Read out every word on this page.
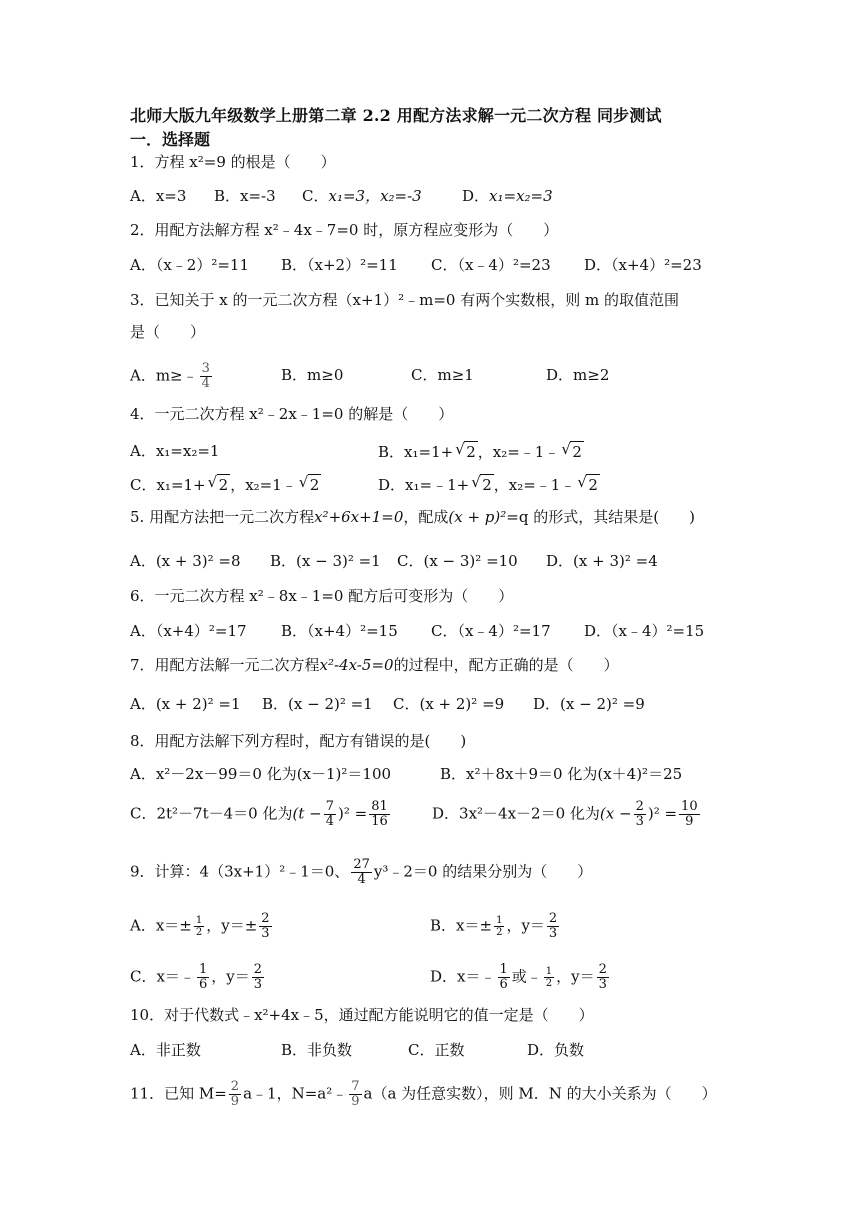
北师大版九年级数学上册第二章 2.2 用配方法求解一元二次方程 同步测试
一．选择题
1．方程 x²=9 的根是（　　）
A．x=3 B．x=-3 C．x₁=3，x₂=-3	D．x₁=x₂=3
2．用配方法解方程 x²﹣4x﹣7=0 时，原方程应变形为（　　）
A．（x﹣2）²=11 B．（x+2）²=11 C．（x﹣4）²=23 D．（x+4）²=23
3．已知关于 x 的一元二次方程（x+1）²﹣m=0 有两个实数根，则 m 的取值范围
是（　　）
A．m≥﹣ $\frac{3}{4}$	B．m≥0	C．m≥1	D．m≥2
4．一元二次方程 x²﹣2x﹣1=0 的解是（　　）
A．x₁=x₂=1	B．x₁=1+ √ 2 ，x₂=﹣1﹣ √ 2
C．x₁=1+ √ 2 ，x₂=1﹣ √ 2	D．x₁=﹣1+ √ 2 ，x₂=﹣1﹣ √ 2
5. 用配方法把一元二次方程x²+6x+1=0，配成(x + p)²=q 的形式，其结果是(　　)
A．(x + 3)² =8 B．(x − 3)² =1 C．(x − 3)² =10 D．(x + 3)² =4
6．一元二次方程 x²﹣8x﹣1=0 配方后可变形为（　　）
A．（x+4）²=17 B．（x+4）²=15 C．（x﹣4）²=17 D．（x﹣4）²=15
7．用配方法解一元二次方程x²-4x-5=0的过程中，配方正确的是（　　）
A．(x + 2)² =1 B．(x − 2)² =1 C．(x + 2)² =9 D．(x − 2)² =9
8．用配方法解下列方程时，配方有错误的是(　　)
A．x²－2x－99＝0 化为(x－1)²＝100	B．x²＋8x＋9＝0 化为(x＋4)²＝25
C．2t²－7t－4＝0 化为$(t - \frac{7}{4} )^2 = \frac{81}{16}$	D．3x²－4x－2＝0 化为$(x - \frac{2}{3} )^2 = \frac{10}{9}$
9．计算：4（3x+1）²﹣1＝0、 $\frac{27}{4}$ y³﹣2＝0 的结果分别为（　　）
A．$x=\pm \frac{1}{2}$ ，$y=\pm \frac{2}{3}$	B．$x=\pm \frac{1}{2}$ ，$y= \frac{2}{3}$
C．x＝﹣ $\frac{1}{6}$ ，$y= \frac{2}{3}$	D．x＝﹣ $\frac{1}{6}$ 或﹣ $\frac{1}{2}$ ，$y= \frac{2}{3}$
10．对于代数式﹣x²+4x﹣5，通过配方能说明它的值一定是（　　）
A．非正数	B．非负数	C．正数	D．负数
11．已知 $M= \frac{2}{9}$ a﹣1，N=a²﹣ $\frac{7}{9} a(a$ 为任意实数），则 M．N 的大小关系为（　　）
